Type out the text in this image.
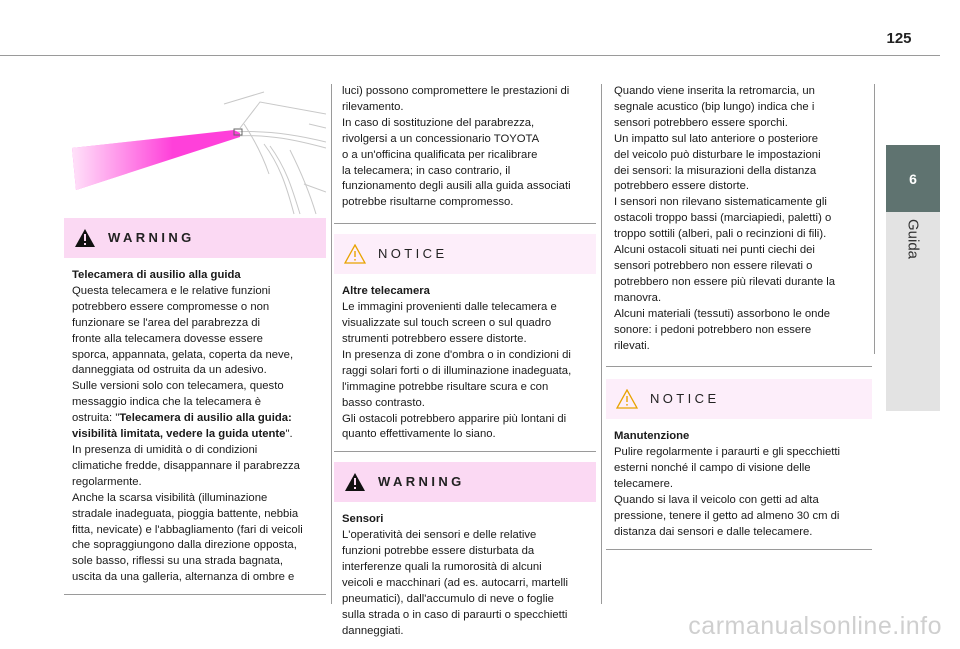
125
6
Guida
WARNING

Telecamera di ausilio alla guida

Questa telecamera e le relative funzioni

potrebbero essere compromesse o non

funzionare se l'area del parabrezza di

fronte alla telecamera dovesse essere

sporca, appannata, gelata, coperta da neve,

danneggiata od ostruita da un adesivo.

Sulle versioni solo con telecamera, questo

messaggio indica che la telecamera è

ostruita: "Telecamera di ausilio alla guida:

visibilità limitata, vedere la guida utente".

In presenza di umidità o di condizioni

climatiche fredde, disappannare il parabrezza

regolarmente.

Anche la scarsa visibilità (illuminazione

stradale inadeguata, pioggia battente, nebbia

fitta, nevicate) e l'abbagliamento (fari di veicoli

che sopraggiungono dalla direzione opposta,

sole basso, riflessi su una strada bagnata,

uscita da una galleria, alternanza di ombre e

luci) possono compromettere le prestazioni di

rilevamento.

In caso di sostituzione del parabrezza,

rivolgersi a un concessionario TOYOTA

o a un'officina qualificata per ricalibrare

la telecamera; in caso contrario, il

funzionamento degli ausili alla guida associati

potrebbe risultarne compromesso.

NOTICE

Altre telecamera

Le immagini provenienti dalle telecamera e

visualizzate sul touch screen o sul quadro

strumenti potrebbero essere distorte.

In presenza di zone d'ombra o in condizioni di

raggi solari forti o di illuminazione inadeguata,

l'immagine potrebbe risultare scura e con

basso contrasto.

Gli ostacoli potrebbero apparire più lontani di

quanto effettivamente lo siano.

WARNING

Sensori

L'operatività dei sensori e delle relative

funzioni potrebbe essere disturbata da

interferenze quali la rumorosità di alcuni

veicoli e macchinari (ad es. autocarri, martelli

pneumatici), dall'accumulo di neve o foglie

sulla strada o in caso di paraurti o specchietti

danneggiati.

Quando viene inserita la retromarcia, un

segnale acustico (bip lungo) indica che i

sensori potrebbero essere sporchi.

Un impatto sul lato anteriore o posteriore

del veicolo può disturbare le impostazioni

dei sensori: la misurazioni della distanza

potrebbero essere distorte.

I sensori non rilevano sistematicamente gli

ostacoli troppo bassi (marciapiedi, paletti) o

troppo sottili (alberi, pali o recinzioni di fili).

Alcuni ostacoli situati nei punti ciechi dei

sensori potrebbero non essere rilevati o

potrebbero non essere più rilevati durante la

manovra.

Alcuni materiali (tessuti) assorbono le onde

sonore: i pedoni potrebbero non essere

rilevati.

NOTICE

Manutenzione

Pulire regolarmente i paraurti e gli specchietti

esterni nonché il campo di visione delle

telecamere.

Quando si lava il veicolo con getti ad alta

pressione, tenere il getto ad almeno 30 cm di

distanza dai sensori e dalle telecamere.

carmanualsonline.info
